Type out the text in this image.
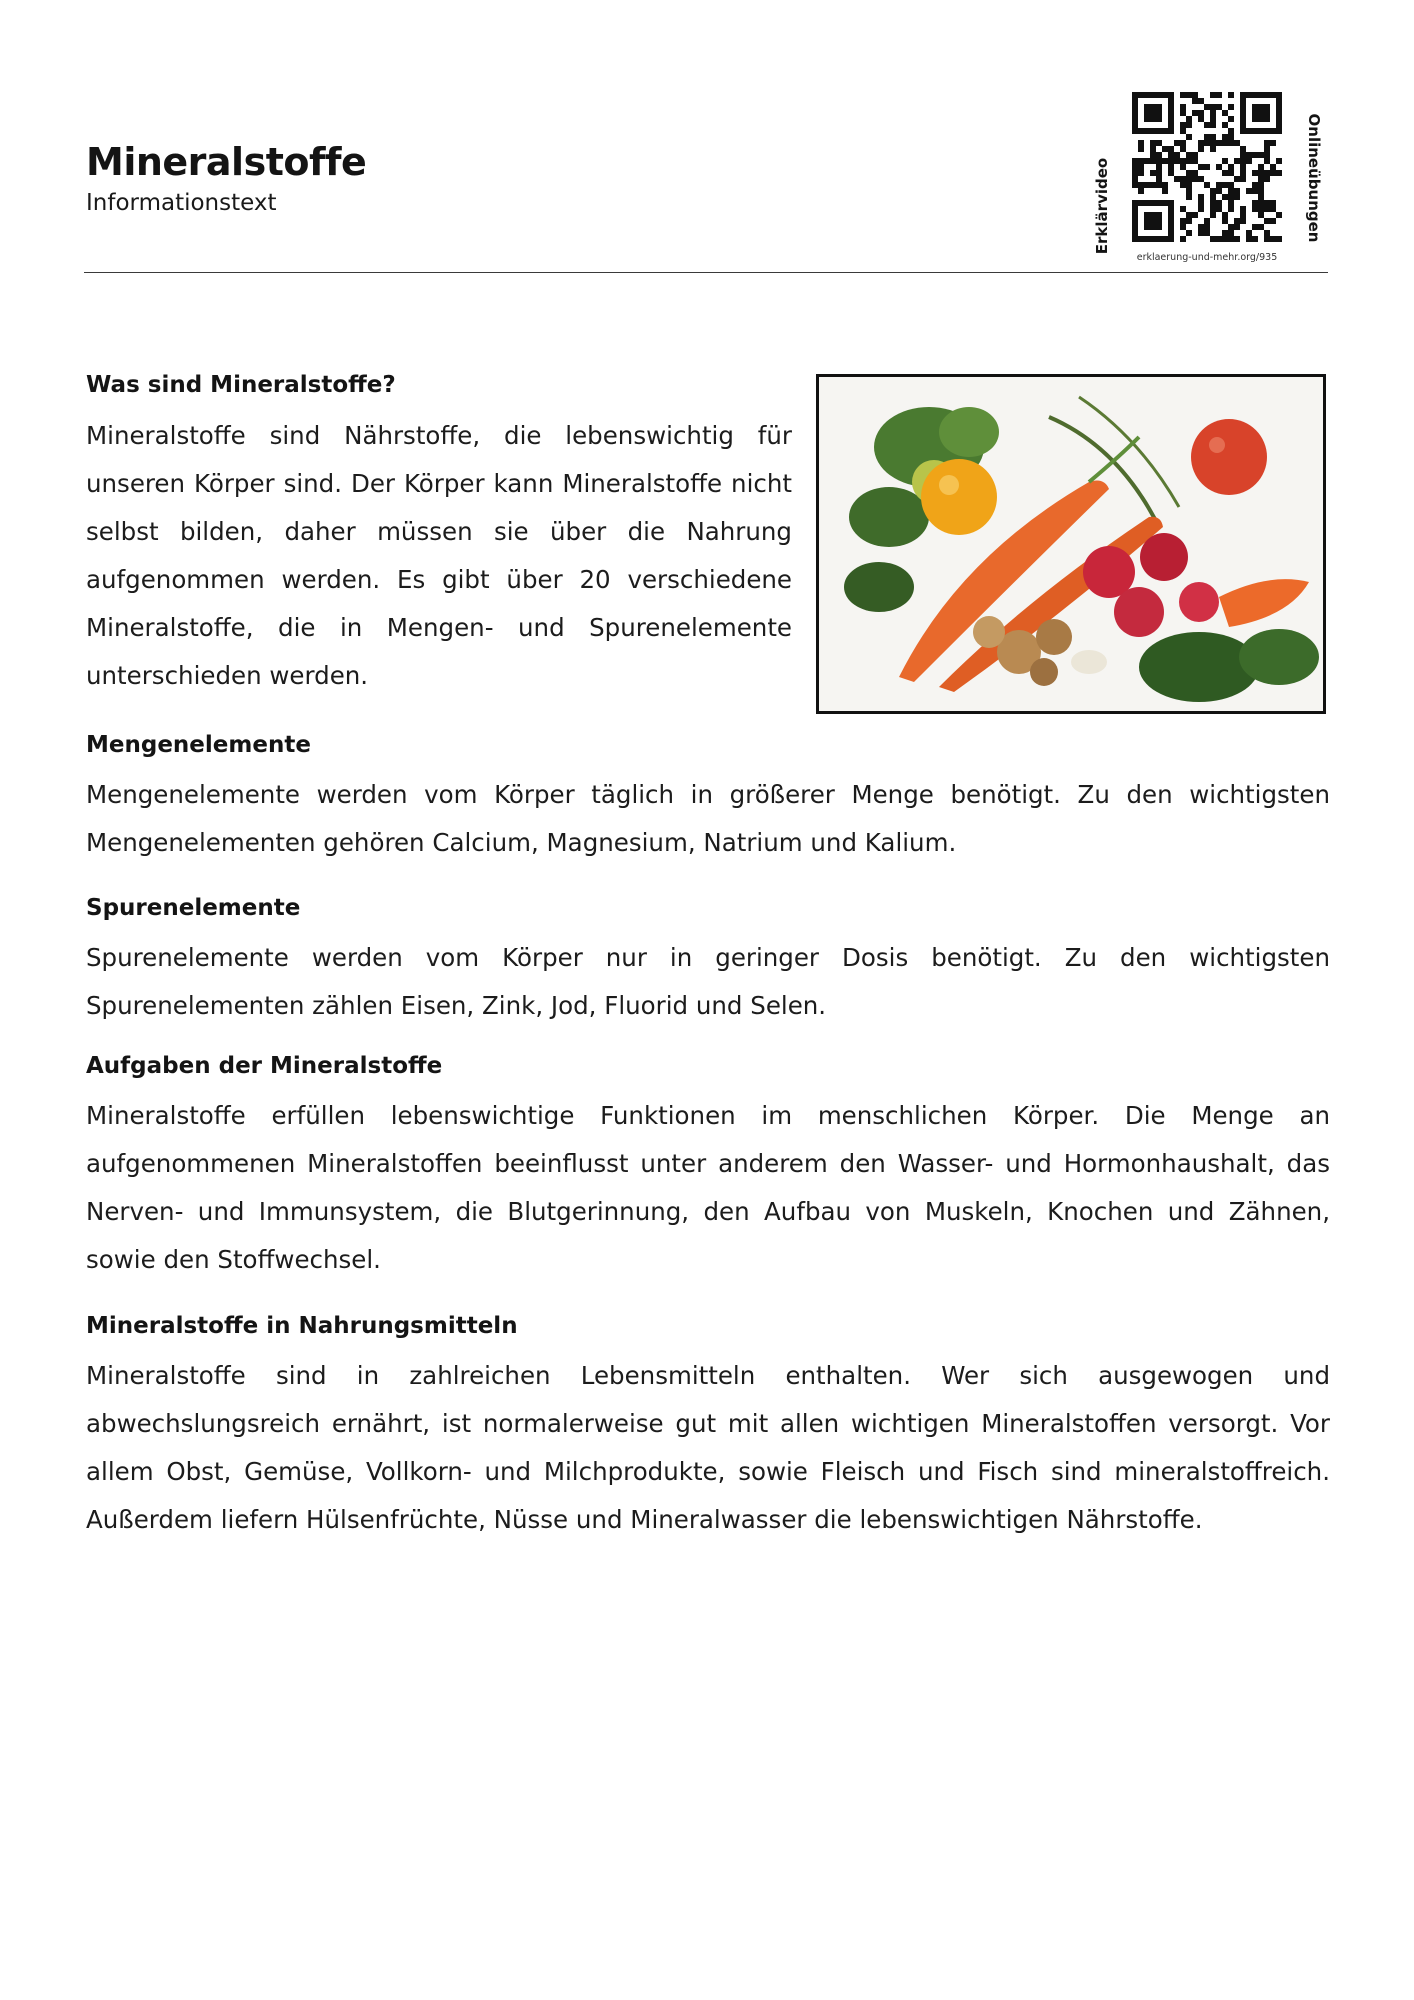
Mineralstoffe
Informationstext	Erklärvideo
erklaerung-und-mehr.org/935
Onlineübungen
Was sind Mineralstoffe?

Mineralstoffe sind Nährstoffe, die lebenswichtig für unseren Körper sind. Der Körper kann Mineralstoffe nicht selbst bilden, daher müssen sie über die Nahrung aufgenommen werden. Es gibt über 20 verschiedene Mineralstoffe, die in Mengen- und Spurenelemente unterschieden werden.

Mengenelemente

Mengenelemente werden vom Körper täglich in größerer Menge benötigt. Zu den wichtigsten Mengenelementen gehören Calcium, Magnesium, Natrium und Kalium.

Spurenelemente

Spurenelemente werden vom Körper nur in geringer Dosis benötigt. Zu den wichtigsten Spurenelementen zählen Eisen, Zink, Jod, Fluorid und Selen.

Aufgaben der Mineralstoffe

Mineralstoffe erfüllen lebenswichtige Funktionen im menschlichen Körper. Die Menge an aufgenommenen Mineralstoffen beeinflusst unter anderem den Wasser- und Hormonhaushalt, das Nerven- und Immunsystem, die Blutgerinnung, den Aufbau von Muskeln, Knochen und Zähnen, sowie den Stoffwechsel.

Mineralstoffe in Nahrungsmitteln

Mineralstoffe sind in zahlreichen Lebensmitteln enthalten. Wer sich ausgewogen und abwechslungsreich ernährt, ist normalerweise gut mit allen wichtigen Mineralstoffen versorgt. Vor allem Obst, Gemüse, Vollkorn- und Milchprodukte, sowie Fleisch und Fisch sind mineralstoffreich. Außerdem liefern Hülsenfrüchte, Nüsse und Mineralwasser die lebenswichtigen Nährstoffe.
